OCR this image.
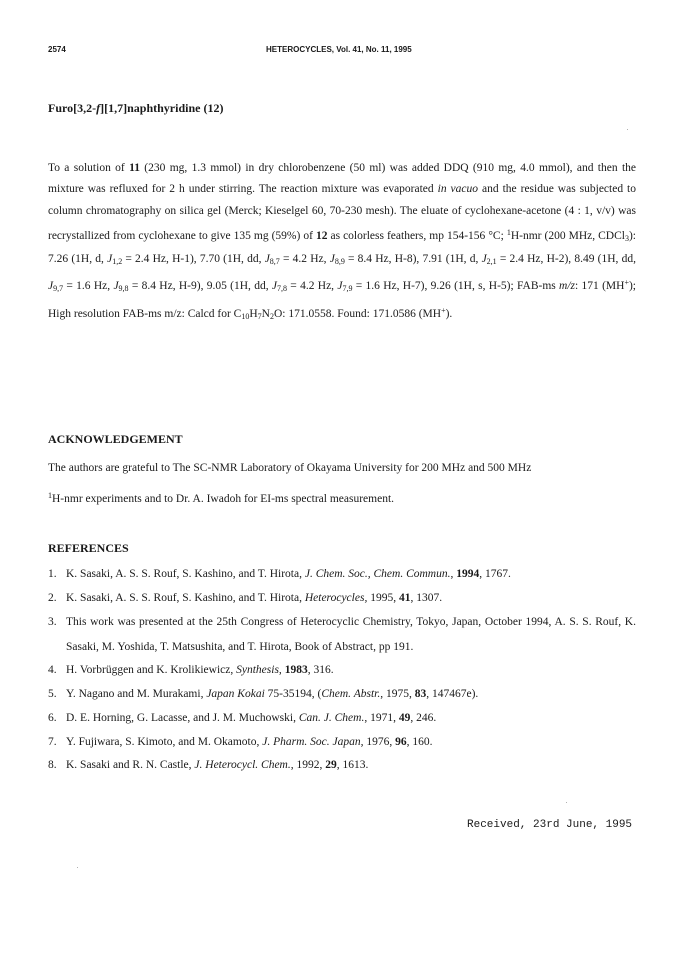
2574	HETEROCYCLES, Vol. 41, No. 11, 1995
Furo[3,2-f][1,7]naphthyridine (12)

To a solution of 11 (230 mg, 1.3 mmol) in dry chlorobenzene (50 ml) was added DDQ (910 mg, 4.0 mmol), and then the mixture was refluxed for 2 h under stirring. The reaction mixture was evaporated in vacuo and the residue was subjected to column chromatography on silica gel (Merck; Kieselgel 60, 70-230 mesh). The eluate of cyclohexane-acetone (4 : 1, v/v) was recrystallized from cyclohexane to give 135 mg (59%) of 12 as colorless feathers, mp 154-156 °C; $^1$H-nmr (200 MHz, CDCl$_3$): 7.26 (1H, d, $J_{1,2} = 2.4$ Hz, H-1), 7.70 (1H, dd, $J_{8,7} = 4.2$ Hz, $J_{8,9} = 8.4$ Hz, H-8), 7.91 (1H, d, $J_{2,1} = 2.4$ Hz, H-2), 8.49 (1H, dd, $J_{9,7} = 1.6$ Hz, $J_{9,8} = 8.4$ Hz, H-9), 9.05 (1H, dd, $J_{7,8} = 4.2$ Hz, $J_{7,9} = 1.6$ Hz, H-7), 9.26 (1H, s, H-5); FAB-ms m/z: 171 (MH+); High resolution FAB-ms m/z: Calcd for $C_{10}H_7N_2O$: 171.0558. Found: 171.0586 (MH+).

ACKNOWLEDGEMENT

The authors are grateful to The SC-NMR Laboratory of Okayama University for 200 MHz and 500 MHz
$^1$H-nmr experiments and to Dr. A. Iwadoh for EI-ms spectral measurement.

REFERENCES
1. K. Sasaki, A. S. S. Rouf, S. Kashino, and T. Hirota, J. Chem. Soc., Chem. Commun., 1994, 1767.
2. K. Sasaki, A. S. S. Rouf, S. Kashino, and T. Hirota, Heterocycles, 1995, 41, 1307.
3. This work was presented at the 25th Congress of Heterocyclic Chemistry, Tokyo, Japan, October 1994, A. S. S. Rouf, K. Sasaki, M. Yoshida, T. Matsushita, and T. Hirota, Book of Abstract, pp 191.
4. H. Vorbrüggen and K. Krolikiewicz, Synthesis, 1983, 316.
5. Y. Nagano and M. Murakami, Japan Kokai 75-35194, (Chem. Abstr., 1975, 83, 147467e).
6. D. E. Horning, G. Lacasse, and J. M. Muchowski, Can. J. Chem., 1971, 49, 246.
7. Y. Fujiwara, S. Kimoto, and M. Okamoto, J. Pharm. Soc. Japan, 1976, 96, 160.
8. K. Sasaki and R. N. Castle, J. Heterocycl. Chem., 1992, 29, 1613.
Received, 23rd June, 1995
